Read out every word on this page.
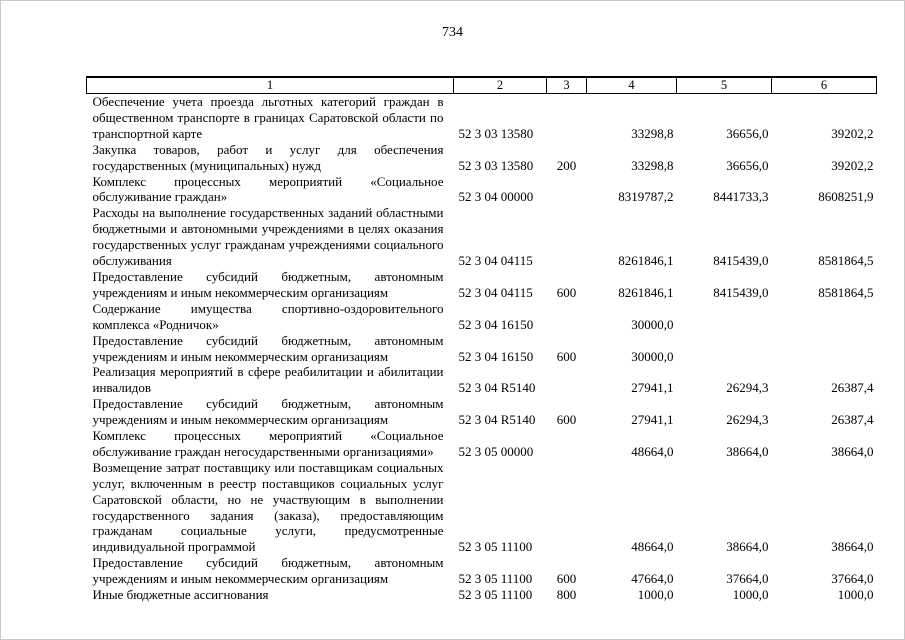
734
1	2	3	4	5	6
Обеспечение учета проезда льготных категорий граждан в общественном транспорте в границах Саратовской области по транспортной карте	52 3 03 13580		33298,8	36656,0	39202,2
Закупка товаров, работ и услуг для обеспечения государственных (муниципальных) нужд	52 3 03 13580	200	33298,8	36656,0	39202,2
Комплекс процессных мероприятий «Социальное обслуживание граждан»	52 3 04 00000		8319787,2	8441733,3	8608251,9
Расходы на выполнение государственных заданий областными бюджетными и автономными учреждениями в целях оказания государственных услуг гражданам учреждениями социального обслуживания	52 3 04 04115		8261846,1	8415439,0	8581864,5
Предоставление субсидий бюджетным, автономным учреждениям и иным некоммерческим организациям	52 3 04 04115	600	8261846,1	8415439,0	8581864,5
Содержание имущества спортивно-оздоровительного комплекса «Родничок»	52 3 04 16150		30000,0		
Предоставление субсидий бюджетным, автономным учреждениям и иным некоммерческим организациям	52 3 04 16150	600	30000,0		
Реализация мероприятий в сфере реабилитации и абилитации инвалидов	52 3 04 R5140		27941,1	26294,3	26387,4
Предоставление субсидий бюджетным, автономным учреждениям и иным некоммерческим организациям	52 3 04 R5140	600	27941,1	26294,3	26387,4
Комплекс процессных мероприятий «Социальное обслуживание граждан негосударственными организациями»	52 3 05 00000		48664,0	38664,0	38664,0
Возмещение затрат поставщику или поставщикам социальных услуг, включенным в реестр поставщиков социальных услуг Саратовской области, но не участвующим в выполнении государственного задания (заказа), предоставляющим гражданам социальные услуги, предусмотренные индивидуальной программой	52 3 05 11100		48664,0	38664,0	38664,0
Предоставление субсидий бюджетным, автономным учреждениям и иным некоммерческим организациям	52 3 05 11100	600	47664,0	37664,0	37664,0
Иные бюджетные ассигнования	52 3 05 11100	800	1000,0	1000,0	1000,0
